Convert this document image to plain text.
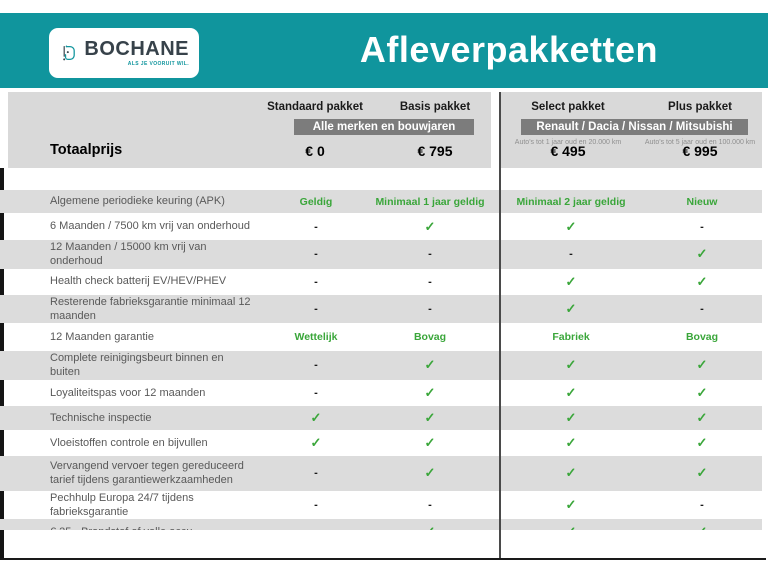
BOCHANE
ALS JE VOORUIT WIL.	Afleverpakketten
Standaard pakket	Basis pakket
Alle merken en bouwjaren
Totaalprijs	€ 0	€ 795
Select pakket	Plus pakket
Renault / Dacia / Nissan / Mitsubishi
Auto's tot 1 jaar oud en 20.000 km	Auto's tot 5 jaar oud en 100.000 km
€ 495	€ 995
Algemene periodieke keuring (APK)	Geldig	Minimaal 1 jaar geldig	Minimaal 2 jaar geldig	Nieuw
6 Maanden / 7500 km vrij van onderhoud	-	✓	✓	-
12 Maanden / 15000 km vrij van onderhoud
-	-	-	✓
Health check batterij EV/HEV/PHEV	-	-	✓	✓
Resterende fabrieksgarantie minimaal 12 maanden
-	-	✓	-
12 Maanden garantie	Wettelijk	Bovag	Fabriek	Bovag
Complete reinigingsbeurt binnen en buiten
-	✓	✓	✓
Loyaliteitspas voor 12 maanden	-	✓	✓	✓
Technische inspectie	✓	✓	✓	✓
Vloeistoffen controle en bijvullen	✓	✓	✓	✓
Vervangend vervoer tegen gereduceerd tarief tijdens garantiewerkzaamheden
-	✓	✓	✓
Pechhulp Europa 24/7 tijdens fabrieksgarantie
-	-	✓	-
